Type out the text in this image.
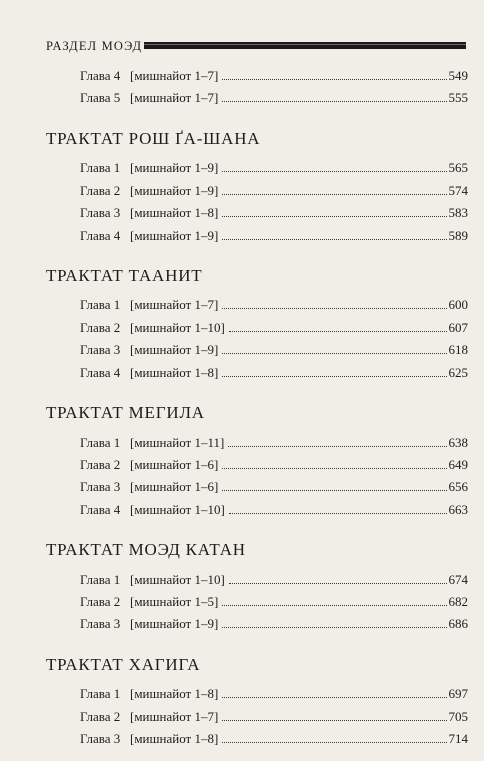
РАЗДЕЛ МОЭД
Глава 4 [мишнайот 1–7]	549
Глава 5 [мишнайот 1–7]	555
ТРАКТАТ РОШ ҐА-ШАНА
Глава 1 [мишнайот 1–9]	565
Глава 2 [мишнайот 1–9]	574
Глава 3 [мишнайот 1–8]	583
Глава 4 [мишнайот 1–9]	589
ТРАКТАТ ТААНИТ
Глава 1 [мишнайот 1–7]	600
Глава 2 [мишнайот 1–10]	607
Глава 3 [мишнайот 1–9]	618
Глава 4 [мишнайот 1–8]	625
ТРАКТАТ МЕГИЛА
Глава 1 [мишнайот 1–11]	638
Глава 2 [мишнайот 1–6]	649
Глава 3 [мишнайот 1–6]	656
Глава 4 [мишнайот 1–10]	663
ТРАКТАТ МОЭД КАТАН
Глава 1 [мишнайот 1–10]	674
Глава 2 [мишнайот 1–5]	682
Глава 3 [мишнайот 1–9]	686
ТРАКТАТ ХАГИГА
Глава 1 [мишнайот 1–8]	697
Глава 2 [мишнайот 1–7]	705
Глава 3 [мишнайот 1–8]	714
